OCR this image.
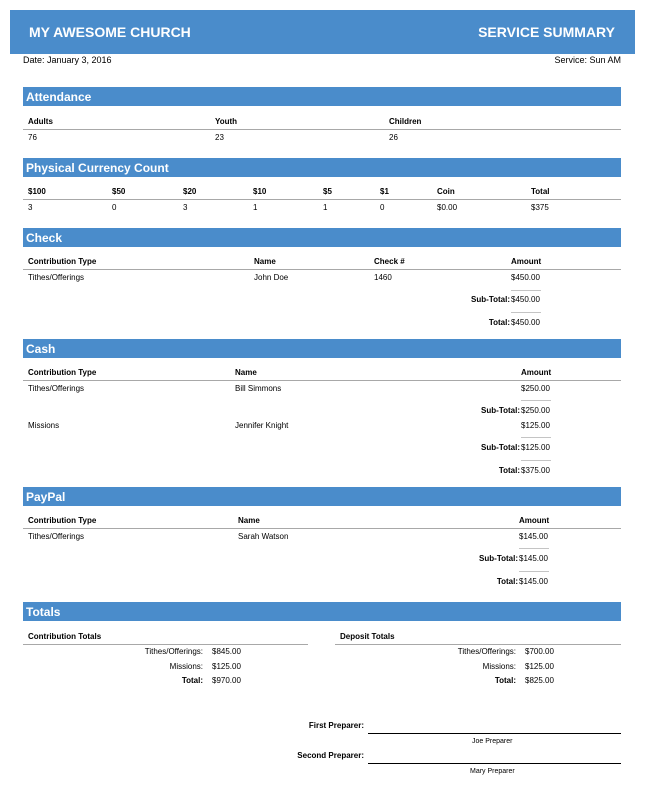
MY AWESOME CHURCH	SERVICE SUMMARY
Date: January 3, 2016	Service: Sun AM
Attendance
Adults	Youth	Children
76	23	26
Physical Currency Count
$100	$50	$20	$10	$5	$1	Coin	Total
3	0	3	1	1	0	$0.00	$375
Check
Contribution Type	Name	Check #	Amount
Tithes/Offerings	John Doe	1460	$450.00
Sub-Total: $450.00
Total: $450.00
Cash
Contribution Type	Name	Amount
Tithes/Offerings	Bill Simmons	$250.00
Sub-Total: $250.00
Missions	Jennifer Knight	$125.00
Sub-Total: $125.00
Total: $375.00
PayPal
Contribution Type	Name	Amount
Tithes/Offerings	Sarah Watson	$145.00
Sub-Total: $145.00
Total: $145.00
Totals
Contribution Totals
Tithes/Offerings: $845.00
Missions: $125.00
Total: $970.00
Deposit Totals
Tithes/Offerings: $700.00
Missions: $125.00
Total: $825.00
First Preparer:
Joe Preparer
Second Preparer:
Mary Preparer
